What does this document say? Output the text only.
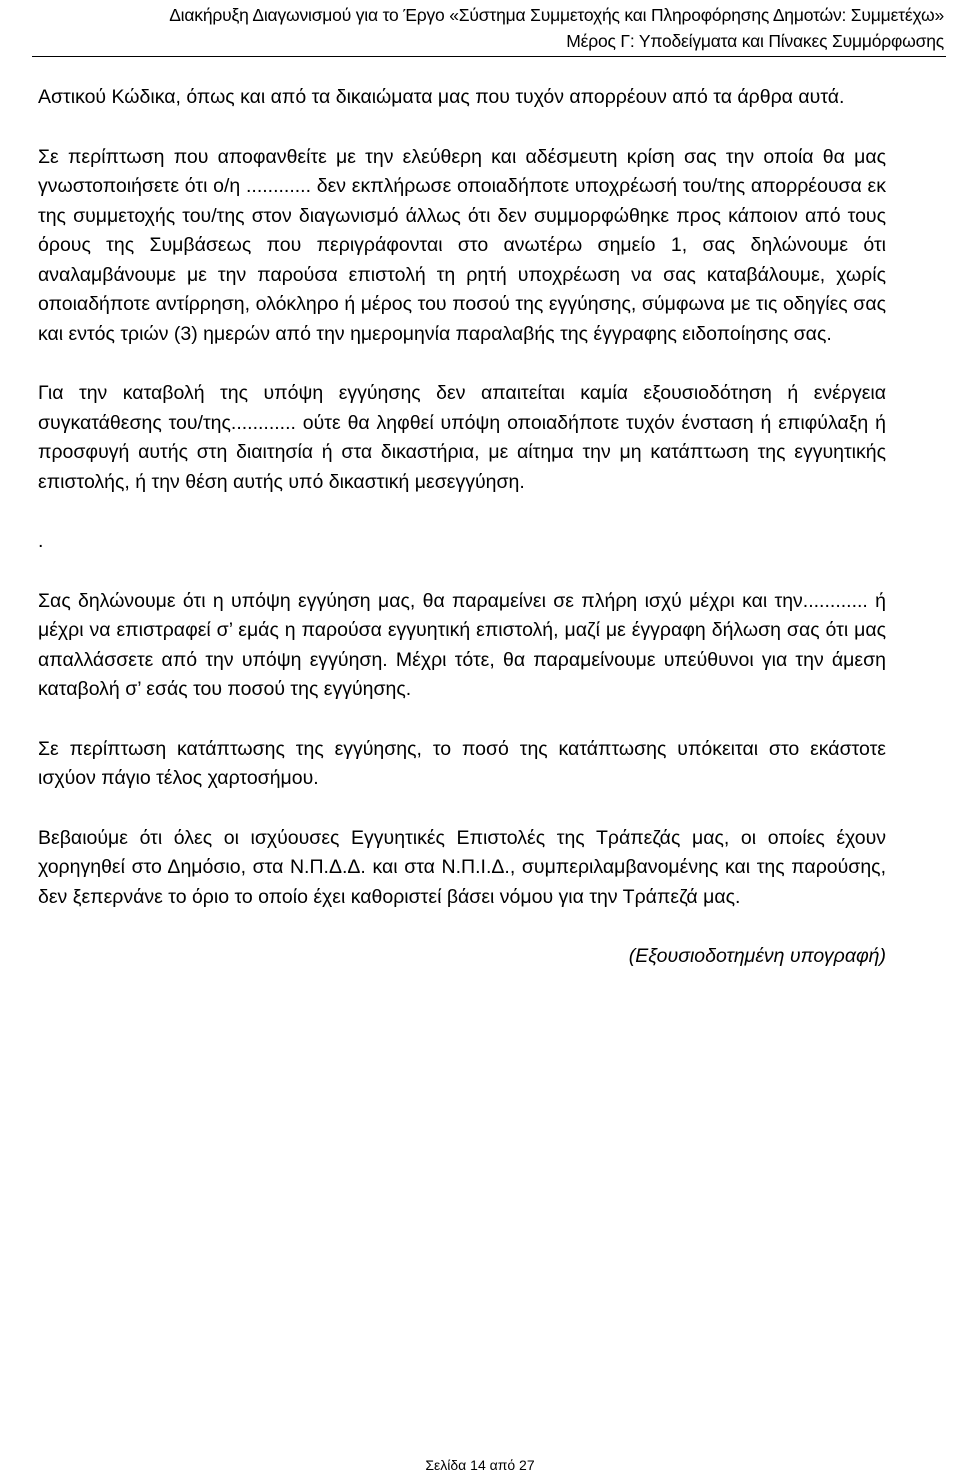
Διακήρυξη Διαγωνισμού για το Έργο «Σύστημα Συμμετοχής και Πληροφόρησης Δημοτών: Συμμετέχω»
Μέρος Γ: Υποδείγματα και Πίνακες Συμμόρφωσης

Αστικού Κώδικα, όπως και από τα δικαιώματα μας που τυχόν απορρέουν από τα άρθρα αυτά.

Σε περίπτωση που αποφανθείτε με την ελεύθερη και αδέσμευτη κρίση σας την οποία θα μας γνωστοποιήσετε ότι ο/η ............ δεν εκπλήρωσε οποιαδήποτε υποχρέωσή του/της απορρέουσα εκ της συμμετοχής του/της στον διαγωνισμό άλλως ότι δεν συμμορφώθηκε προς κάποιον από τους όρους της Συμβάσεως που περιγράφονται στο ανωτέρω σημείο 1, σας δηλώνουμε ότι αναλαμβάνουμε με την παρούσα επιστολή τη ρητή υποχρέωση να σας καταβάλουμε, χωρίς οποιαδήποτε αντίρρηση, ολόκληρο ή μέρος του ποσού της εγγύησης, σύμφωνα με τις οδηγίες σας και εντός τριών (3) ημερών από την ημερομηνία παραλαβής της έγγραφης ειδοποίησης σας.

Για την καταβολή της υπόψη εγγύησης δεν απαιτείται καμία εξουσιοδότηση ή ενέργεια συγκατάθεσης του/της............ ούτε θα ληφθεί υπόψη οποιαδήποτε τυχόν ένσταση ή επιφύλαξη ή προσφυγή αυτής στη διαιτησία ή στα δικαστήρια, με αίτημα την μη κατάπτωση της εγγυητικής επιστολής, ή την θέση αυτής υπό δικαστική μεσεγγύηση.

.

Σας δηλώνουμε ότι η υπόψη εγγύηση μας, θα παραμείνει σε πλήρη ισχύ μέχρι και την............ ή μέχρι να επιστραφεί σ’ εμάς η παρούσα εγγυητική επιστολή, μαζί με έγγραφη δήλωση σας ότι μας απαλλάσσετε από την υπόψη εγγύηση. Μέχρι τότε, θα παραμείνουμε υπεύθυνοι για την άμεση καταβολή σ’ εσάς του ποσού της εγγύησης.

Σε περίπτωση κατάπτωσης της εγγύησης, το ποσό της κατάπτωσης υπόκειται στο εκάστοτε ισχύον πάγιο τέλος χαρτοσήμου.

Βεβαιούμε ότι όλες οι ισχύουσες Εγγυητικές Επιστολές της Τράπεζάς μας, οι οποίες έχουν χορηγηθεί στο Δημόσιο, στα Ν.Π.Δ.Δ. και στα Ν.Π.Ι.Δ., συμπεριλαμβανομένης και της παρούσης, δεν ξεπερνάνε το όριο το οποίο έχει καθοριστεί βάσει νόμου για την Τράπεζά μας.

(Εξουσιοδοτημένη υπογραφή)

Σελίδα 14 από 27
